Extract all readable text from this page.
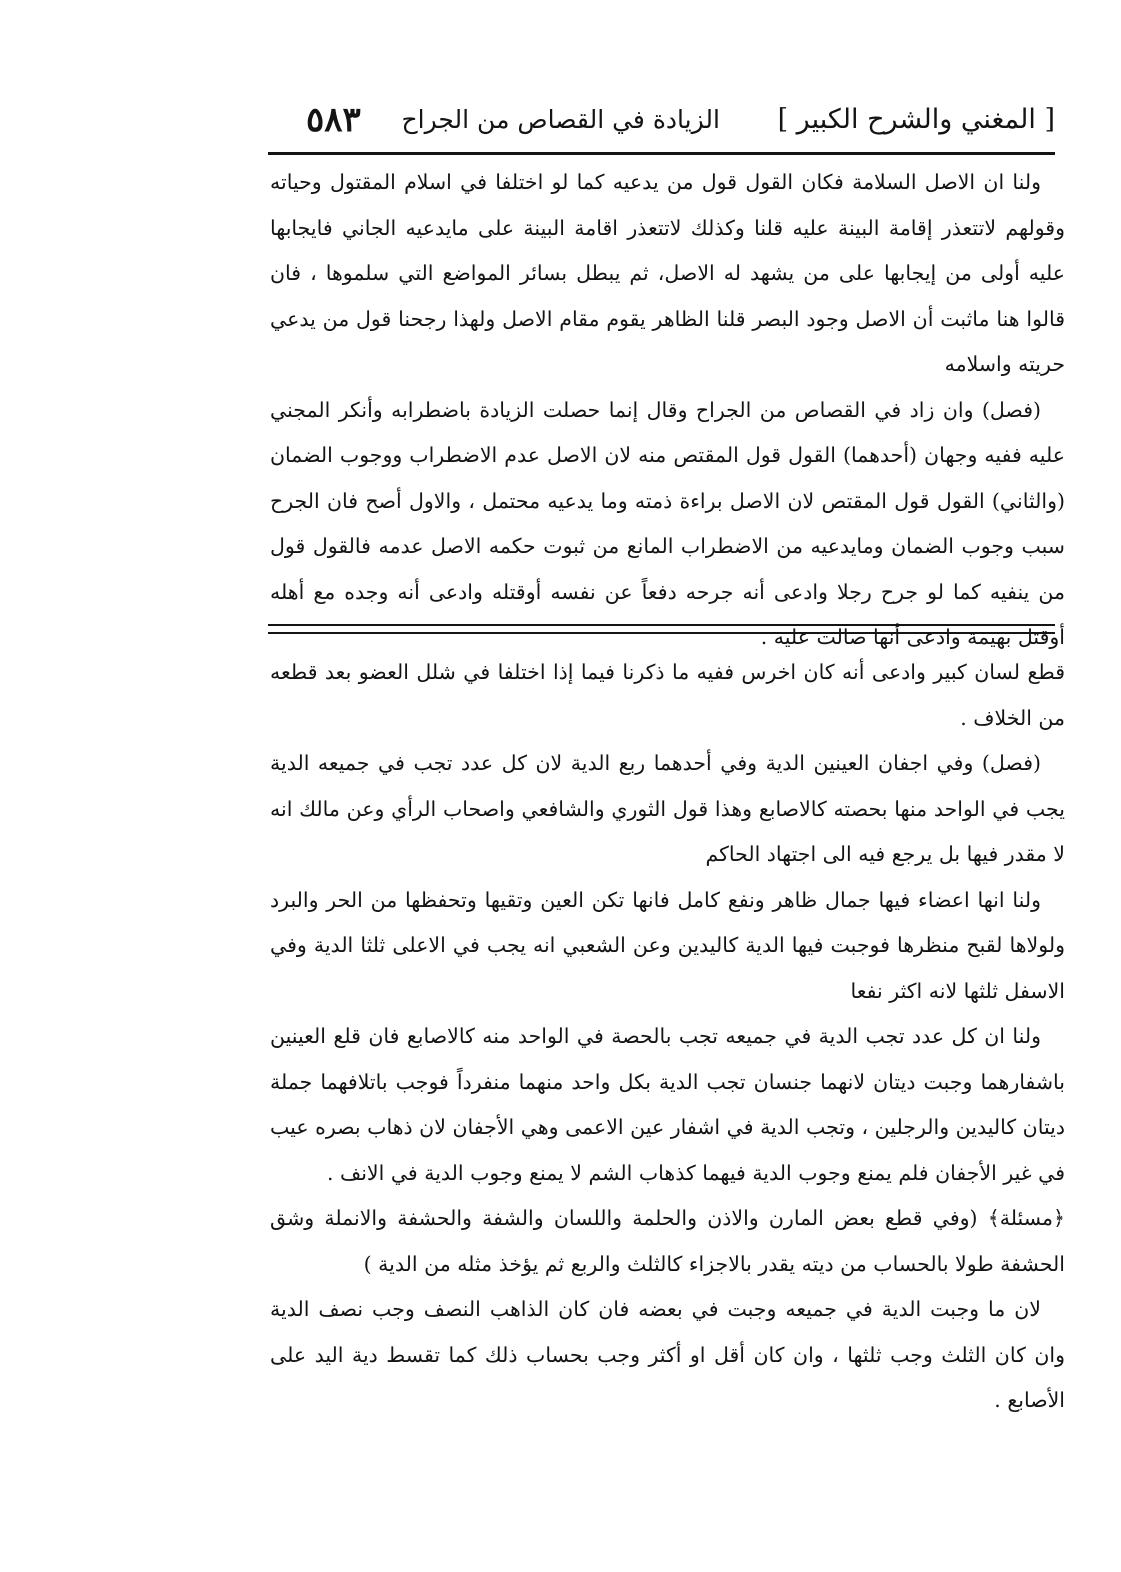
[ المغني والشرح الكبير ]
الزيادة في القصاص من الجراح
٥٨٣

ولنا ان الاصل السلامة فكان القول قول من يدعيه كما لو اختلفا في اسلام المقتول وحياته وقولهم لاتتعذر إقامة البينة عليه قلنا وكذلك لاتتعذر اقامة البينة على مايدعيه الجاني فايجابها عليه أولى من إيجابها على من يشهد له الاصل، ثم يبطل بسائر المواضع التي سلموها ، فان قالوا هنا ماثبت أن الاصل وجود البصر قلنا الظاهر يقوم مقام الاصل ولهذا رجحنا قول من يدعي حريته واسلامه

(فصل) وان زاد في القصاص من الجراح وقال إنما حصلت الزيادة باضطرابه وأنكر المجني عليه ففيه وجهان (أحدهما) القول قول المقتص منه لان الاصل عدم الاضطراب ووجوب الضمان (والثاني) القول قول المقتص لان الاصل براءة ذمته وما يدعيه محتمل ، والاول أصح فان الجرح سبب وجوب الضمان ومايدعيه من الاضطراب المانع من ثبوت حكمه الاصل عدمه فالقول قول من ينفيه كما لو جرح رجلا وادعى أنه جرحه دفعاً عن نفسه أوقتله وادعى أنه وجده مع أهله أوقتل بهيمة وادعى أنها صالت عليه .

قطع لسان كبير وادعى أنه كان اخرس ففيه ما ذكرنا فيما إذا اختلفا في شلل العضو بعد قطعه من الخلاف .

(فصل) وفي اجفان العينين الدية وفي أحدهما ربع الدية لان كل عدد تجب في جميعه الدية يجب في الواحد منها بحصته كالاصابع وهذا قول الثوري والشافعي واصحاب الرأي وعن مالك انه لا مقدر فيها بل يرجع فيه الى اجتهاد الحاكم

ولنا انها اعضاء فيها جمال ظاهر ونفع كامل فانها تكن العين وتقيها وتحفظها من الحر والبرد ولولاها لقبح منظرها فوجبت فيها الدية كاليدين وعن الشعبي انه يجب في الاعلى ثلثا الدية وفي الاسفل ثلثها لانه اكثر نفعا

ولنا ان كل عدد تجب الدية في جميعه تجب بالحصة في الواحد منه كالاصابع فان قلع العينين باشفارهما وجبت ديتان لانهما جنسان تجب الدية بكل واحد منهما منفرداً فوجب باتلافهما جملة ديتان كاليدين والرجلين ، وتجب الدية في اشفار عين الاعمى وهي الأجفان لان ذهاب بصره عيب في غير الأجفان فلم يمنع وجوب الدية فيهما كذهاب الشم لا يمنع وجوب الدية في الانف .

﴿مسئلة﴾ (وفي قطع بعض المارن والاذن والحلمة واللسان والشفة والحشفة والانملة وشق الحشفة طولا بالحساب من ديته يقدر بالاجزاء كالثلث والربع ثم يؤخذ مثله من الدية )

لان ما وجبت الدية في جميعه وجبت في بعضه فان كان الذاهب النصف وجب نصف الدية وان كان الثلث وجب ثلثها ، وان كان أقل او أكثر وجب بحساب ذلك كما تقسط دية اليد على الأصابع .
